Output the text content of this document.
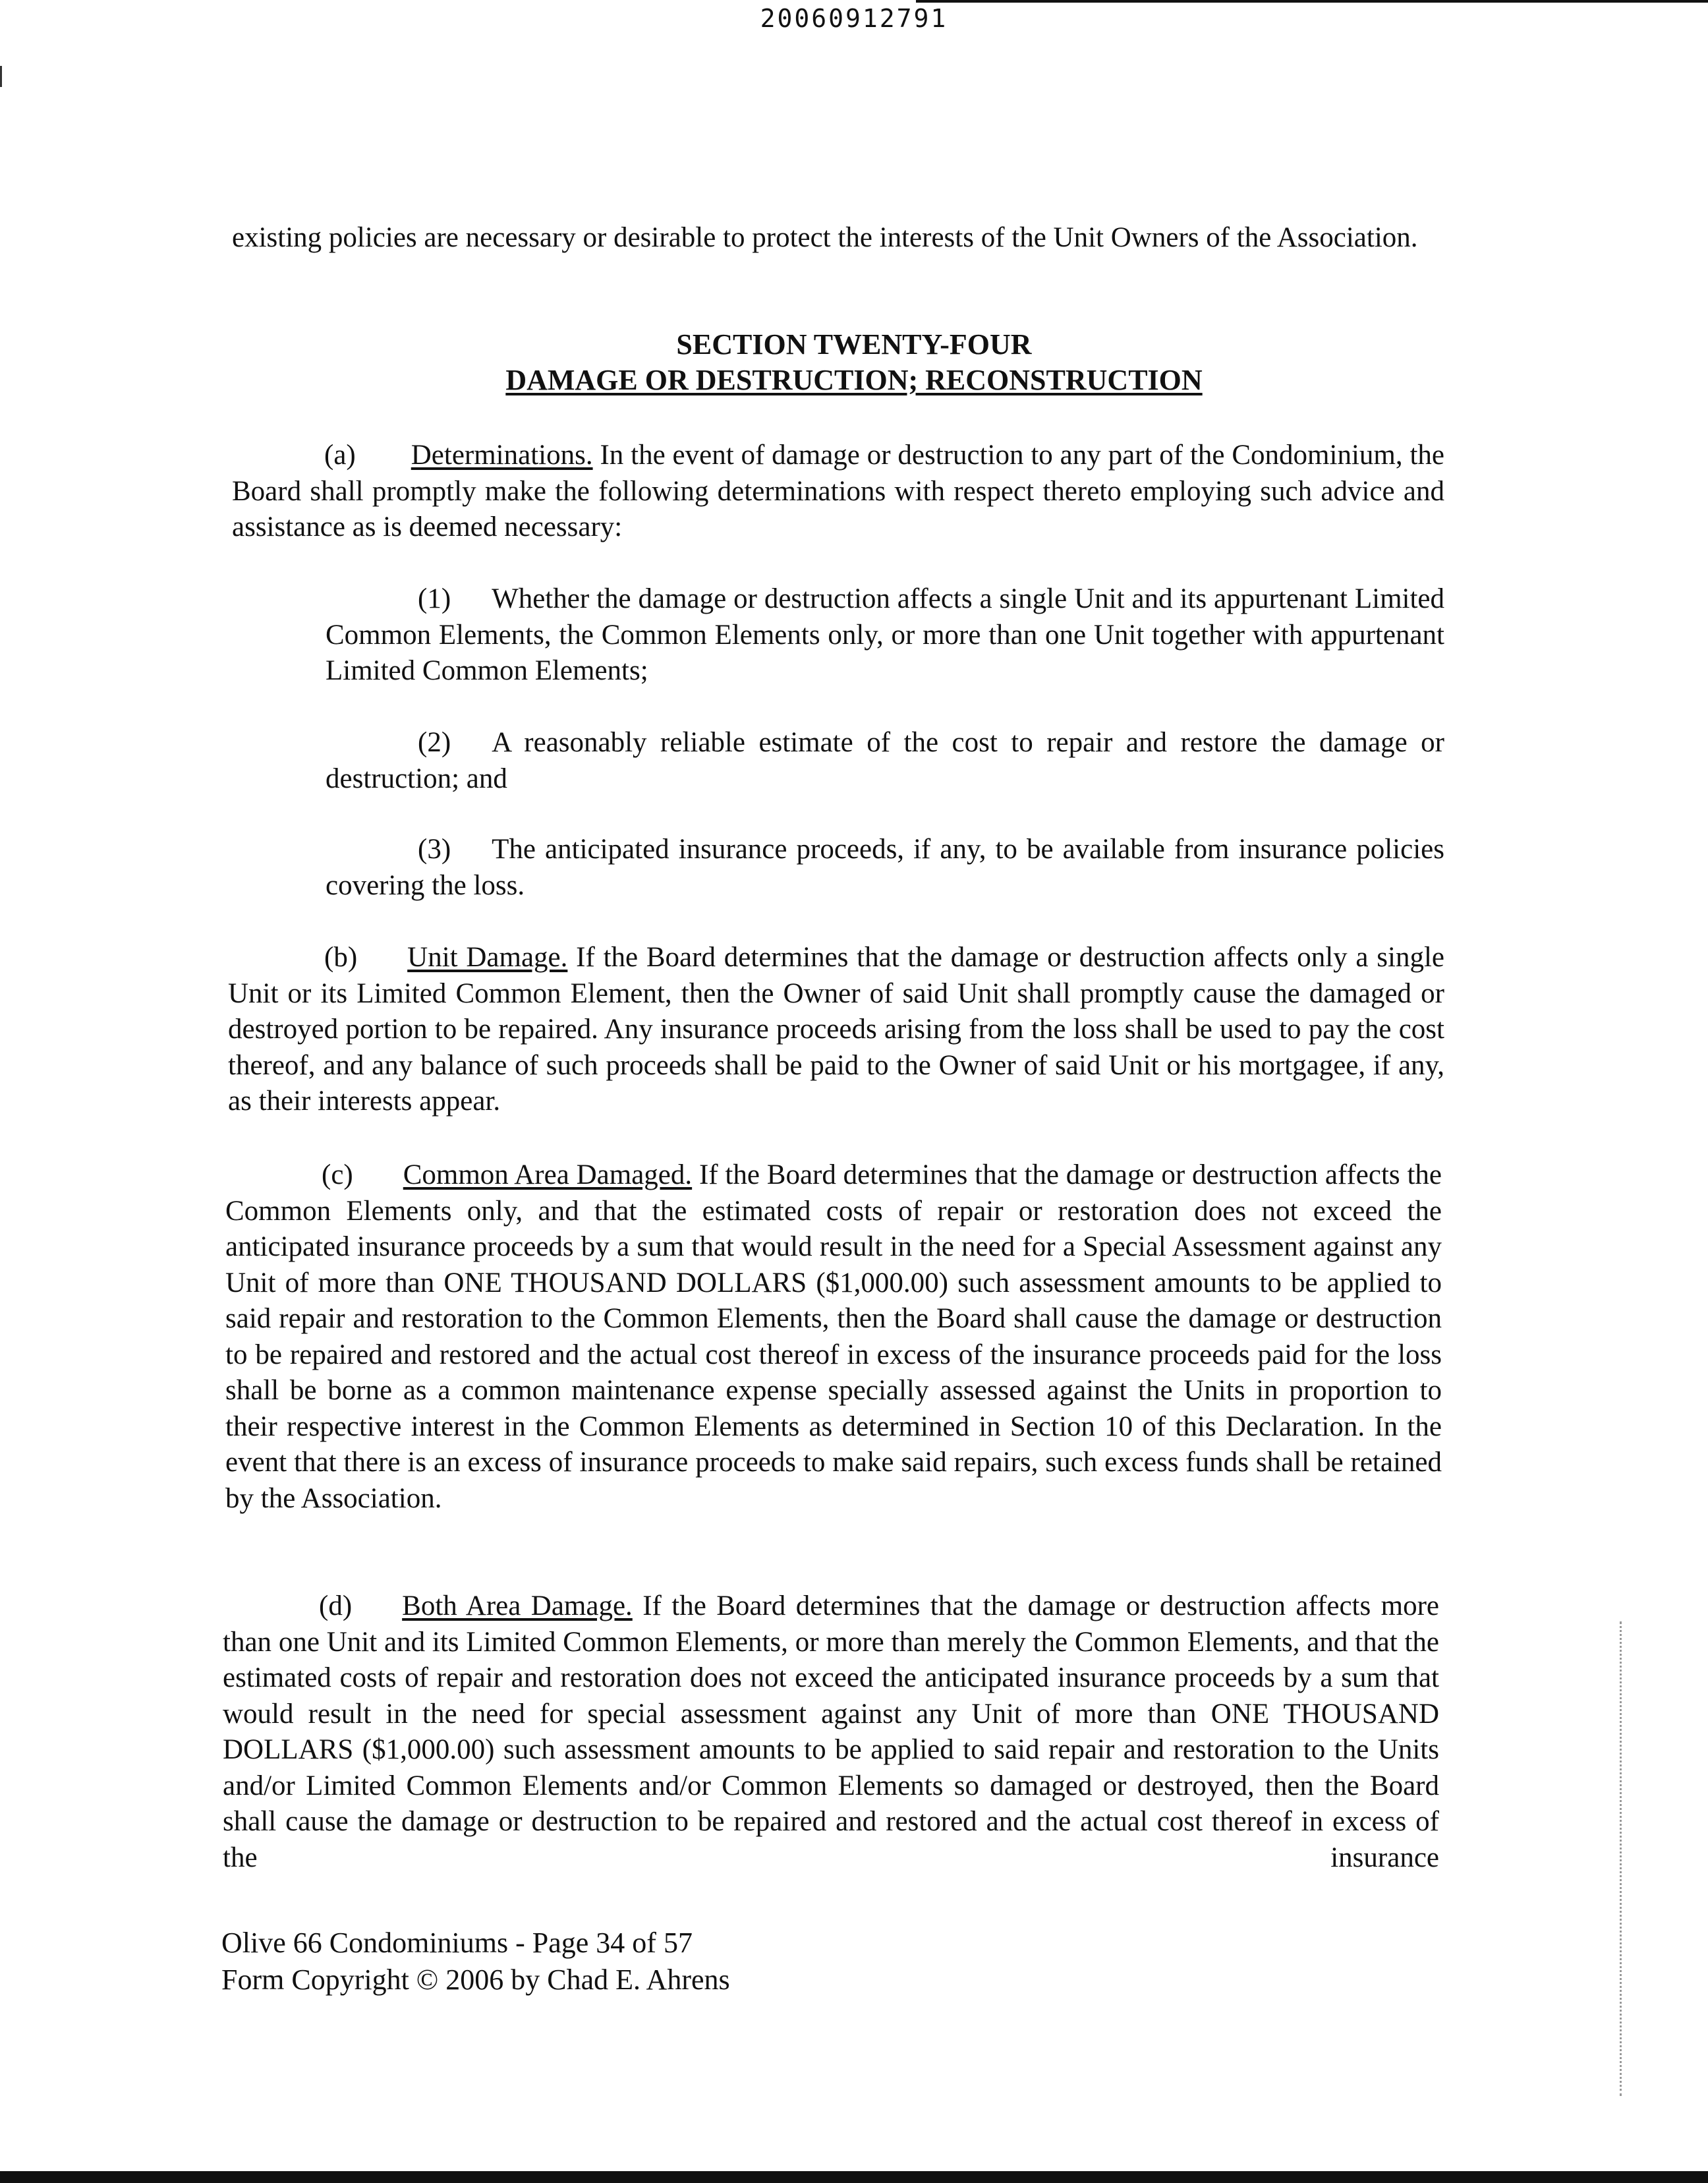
20060912791

existing policies are necessary or desirable to protect the interests of the Unit Owners of the Association.

SECTION TWENTY-FOUR
DAMAGE OR DESTRUCTION; RECONSTRUCTION

(a) Determinations. In the event of damage or destruction to any part of the Condominium, the Board shall promptly make the following determinations with respect thereto employing such advice and assistance as is deemed necessary:

(1) Whether the damage or destruction affects a single Unit and its appurtenant Limited Common Elements, the Common Elements only, or more than one Unit together with appurtenant Limited Common Elements;

(2) A reasonably reliable estimate of the cost to repair and restore the damage or destruction; and

(3) The anticipated insurance proceeds, if any, to be available from insurance policies covering the loss.

(b) Unit Damage. If the Board determines that the damage or destruction affects only a single Unit or its Limited Common Element, then the Owner of said Unit shall promptly cause the damaged or destroyed portion to be repaired. Any insurance proceeds arising from the loss shall be used to pay the cost thereof, and any balance of such proceeds shall be paid to the Owner of said Unit or his mortgagee, if any, as their interests appear.

(c) Common Area Damaged. If the Board determines that the damage or destruction affects the Common Elements only, and that the estimated costs of repair or restoration does not exceed the anticipated insurance proceeds by a sum that would result in the need for a Special Assessment against any Unit of more than ONE THOUSAND DOLLARS ($1,000.00) such assessment amounts to be applied to said repair and restoration to the Common Elements, then the Board shall cause the damage or destruction to be repaired and restored and the actual cost thereof in excess of the insurance proceeds paid for the loss shall be borne as a common maintenance expense specially assessed against the Units in proportion to their respective interest in the Common Elements as determined in Section 10 of this Declaration. In the event that there is an excess of insurance proceeds to make said repairs, such excess funds shall be retained by the Association.

(d) Both Area Damage. If the Board determines that the damage or destruction affects more than one Unit and its Limited Common Elements, or more than merely the Common Elements, and that the estimated costs of repair and restoration does not exceed the anticipated insurance proceeds by a sum that would result in the need for special assessment against any Unit of more than ONE THOUSAND DOLLARS ($1,000.00) such assessment amounts to be applied to said repair and restoration to the Units and/or Limited Common Elements and/or Common Elements so damaged or destroyed, then the Board shall cause the damage or destruction to be repaired and restored and the actual cost thereof in excess of the insurance

Olive 66 Condominiums - Page 34 of 57

Form Copyright © 2006 by Chad E. Ahrens
